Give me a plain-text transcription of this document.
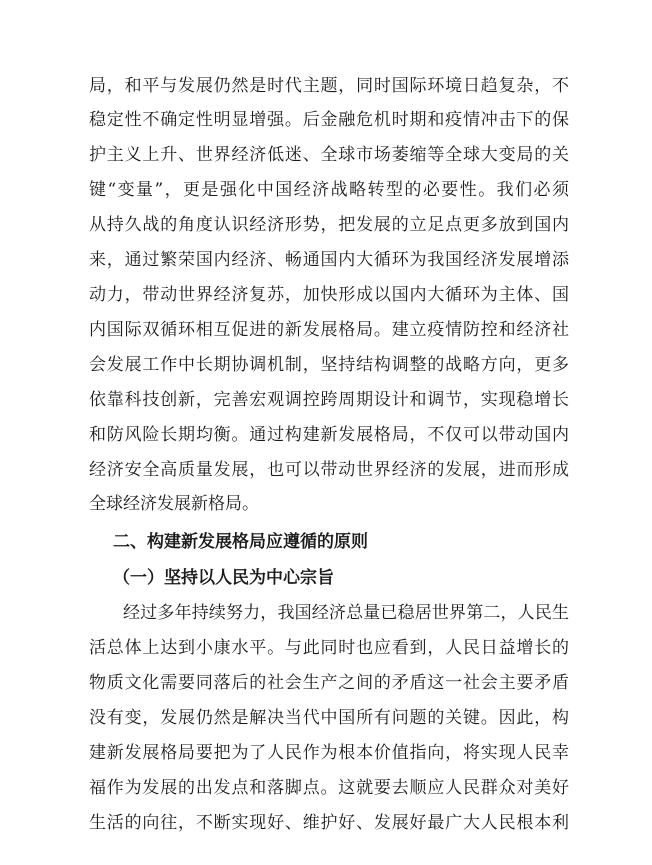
局，和平与发展仍然是时代主题，同时国际环境日趋复杂，不
稳定性不确定性明显增强。后金融危机时期和疫情冲击下的保
护主义上升、世界经济低迷、全球市场萎缩等全球大变局的关
键“变量”，更是强化中国经济战略转型的必要性。我们必须
从持久战的角度认识经济形势，把发展的立足点更多放到国内
来，通过繁荣国内经济、畅通国内大循环为我国经济发展增添
动力，带动世界经济复苏，加快形成以国内大循环为主体、国
内国际双循环相互促进的新发展格局。建立疫情防控和经济社
会发展工作中长期协调机制，坚持结构调整的战略方向，更多
依靠科技创新，完善宏观调控跨周期设计和调节，实现稳增长
和防风险长期均衡。通过构建新发展格局，不仅可以带动国内
经济安全高质量发展，也可以带动世界经济的发展，进而形成
全球经济发展新格局。
二、构建新发展格局应遵循的原则
（一）坚持以人民为中心宗旨
经过多年持续努力，我国经济总量已稳居世界第二，人民生
活总体上达到小康水平。与此同时也应看到，人民日益增长的
物质文化需要同落后的社会生产之间的矛盾这一社会主要矛盾
没有变，发展仍然是解决当代中国所有问题的关键。因此，构
建新发展格局要把为了人民作为根本价值指向，将实现人民幸
福作为发展的出发点和落脚点。这就要去顺应人民群众对美好
生活的向往，不断实现好、维护好、发展好最广大人民根本利
